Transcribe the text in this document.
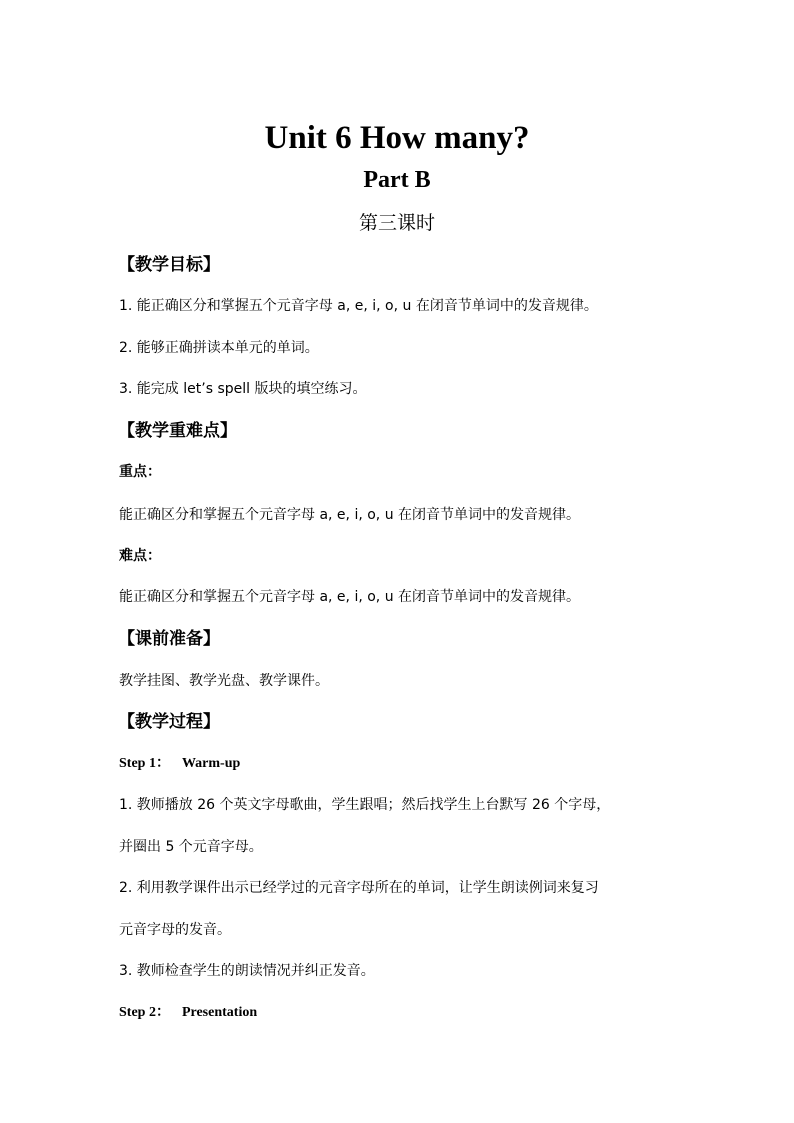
Unit 6 How many?
Part B
第三课时
【教学目标】
1. 能正确区分和掌握五个元音字母 a, e, i, o, u 在闭音节单词中的发音规律。
2. 能够正确拼读本单元的单词。
3. 能完成 let’s spell 版块的填空练习。
【教学重难点】
重点：
能正确区分和掌握五个元音字母 a, e, i, o, u 在闭音节单词中的发音规律。
难点：
能正确区分和掌握五个元音字母 a, e, i, o, u 在闭音节单词中的发音规律。
【课前准备】
教学挂图、教学光盘、教学课件。
【教学过程】
Step 1： Warm-up
1. 教师播放 26 个英文字母歌曲，学生跟唱；然后找学生上台默写 26 个字母，
并圈出 5 个元音字母。
2. 利用教学课件出示已经学过的元音字母所在的单词，让学生朗读例词来复习
元音字母的发音。
3. 教师检查学生的朗读情况并纠正发音。
Step 2： Presentation
